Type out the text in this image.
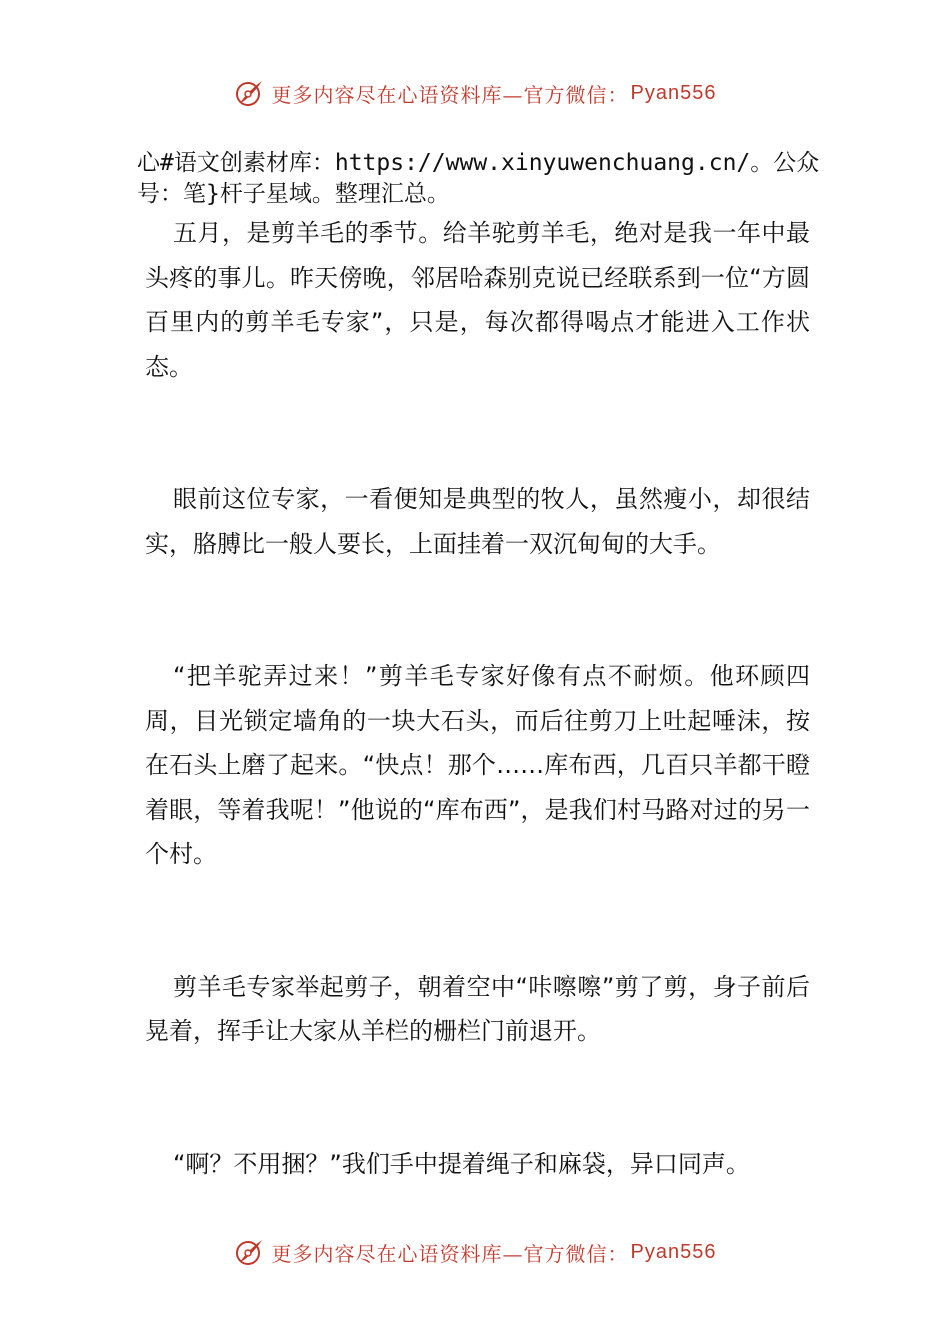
更多内容尽在心语资料库—官方微信： Pyan556
心#语文创素材库：https://www.xinyuwenchuang.cn/。公众号：笔}杆子星域。整理汇总。

五月，是剪羊毛的季节。给羊驼剪羊毛，绝对是我一年中最头疼的事儿。昨天傍晚，邻居哈森别克说已经联系到一位“方圆百里内的剪羊毛专家”，只是，每次都得喝点才能进入工作状态。

眼前这位专家，一看便知是典型的牧人，虽然瘦小，却很结实，胳膊比一般人要长，上面挂着一双沉甸甸的大手。

“把羊驼弄过来！”剪羊毛专家好像有点不耐烦。他环顾四周，目光锁定墙角的一块大石头，而后往剪刀上吐起唾沫，按在石头上磨了起来。“快点！那个……库布西，几百只羊都干瞪着眼，等着我呢！”他说的“库布西”，是我们村马路对过的另一个村。

剪羊毛专家举起剪子，朝着空中“咔嚓嚓”剪了剪，身子前后晃着，挥手让大家从羊栏的栅栏门前退开。

“啊？不用捆？”我们手中提着绳子和麻袋，异口同声。

更多内容尽在心语资料库—官方微信： Pyan556
